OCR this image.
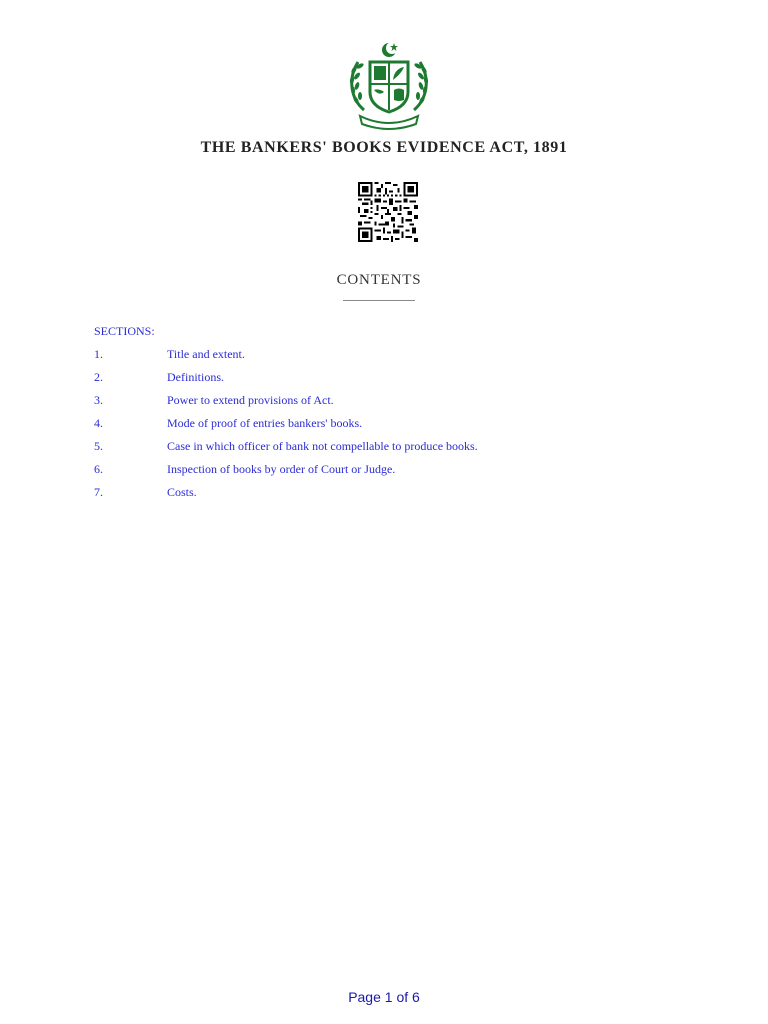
THE BANKERS' BOOKS EVIDENCE ACT, 1891
CONTENTS
SECTIONS:
1.	Title and extent.
2.	Definitions.
3.	Power to extend provisions of Act.
4.	Mode of proof of entries bankers' books.
5.	Case in which officer of bank not compellable to produce books.
6.	Inspection of books by order of Court or Judge.
7.	Costs.
Page 1 of 6
